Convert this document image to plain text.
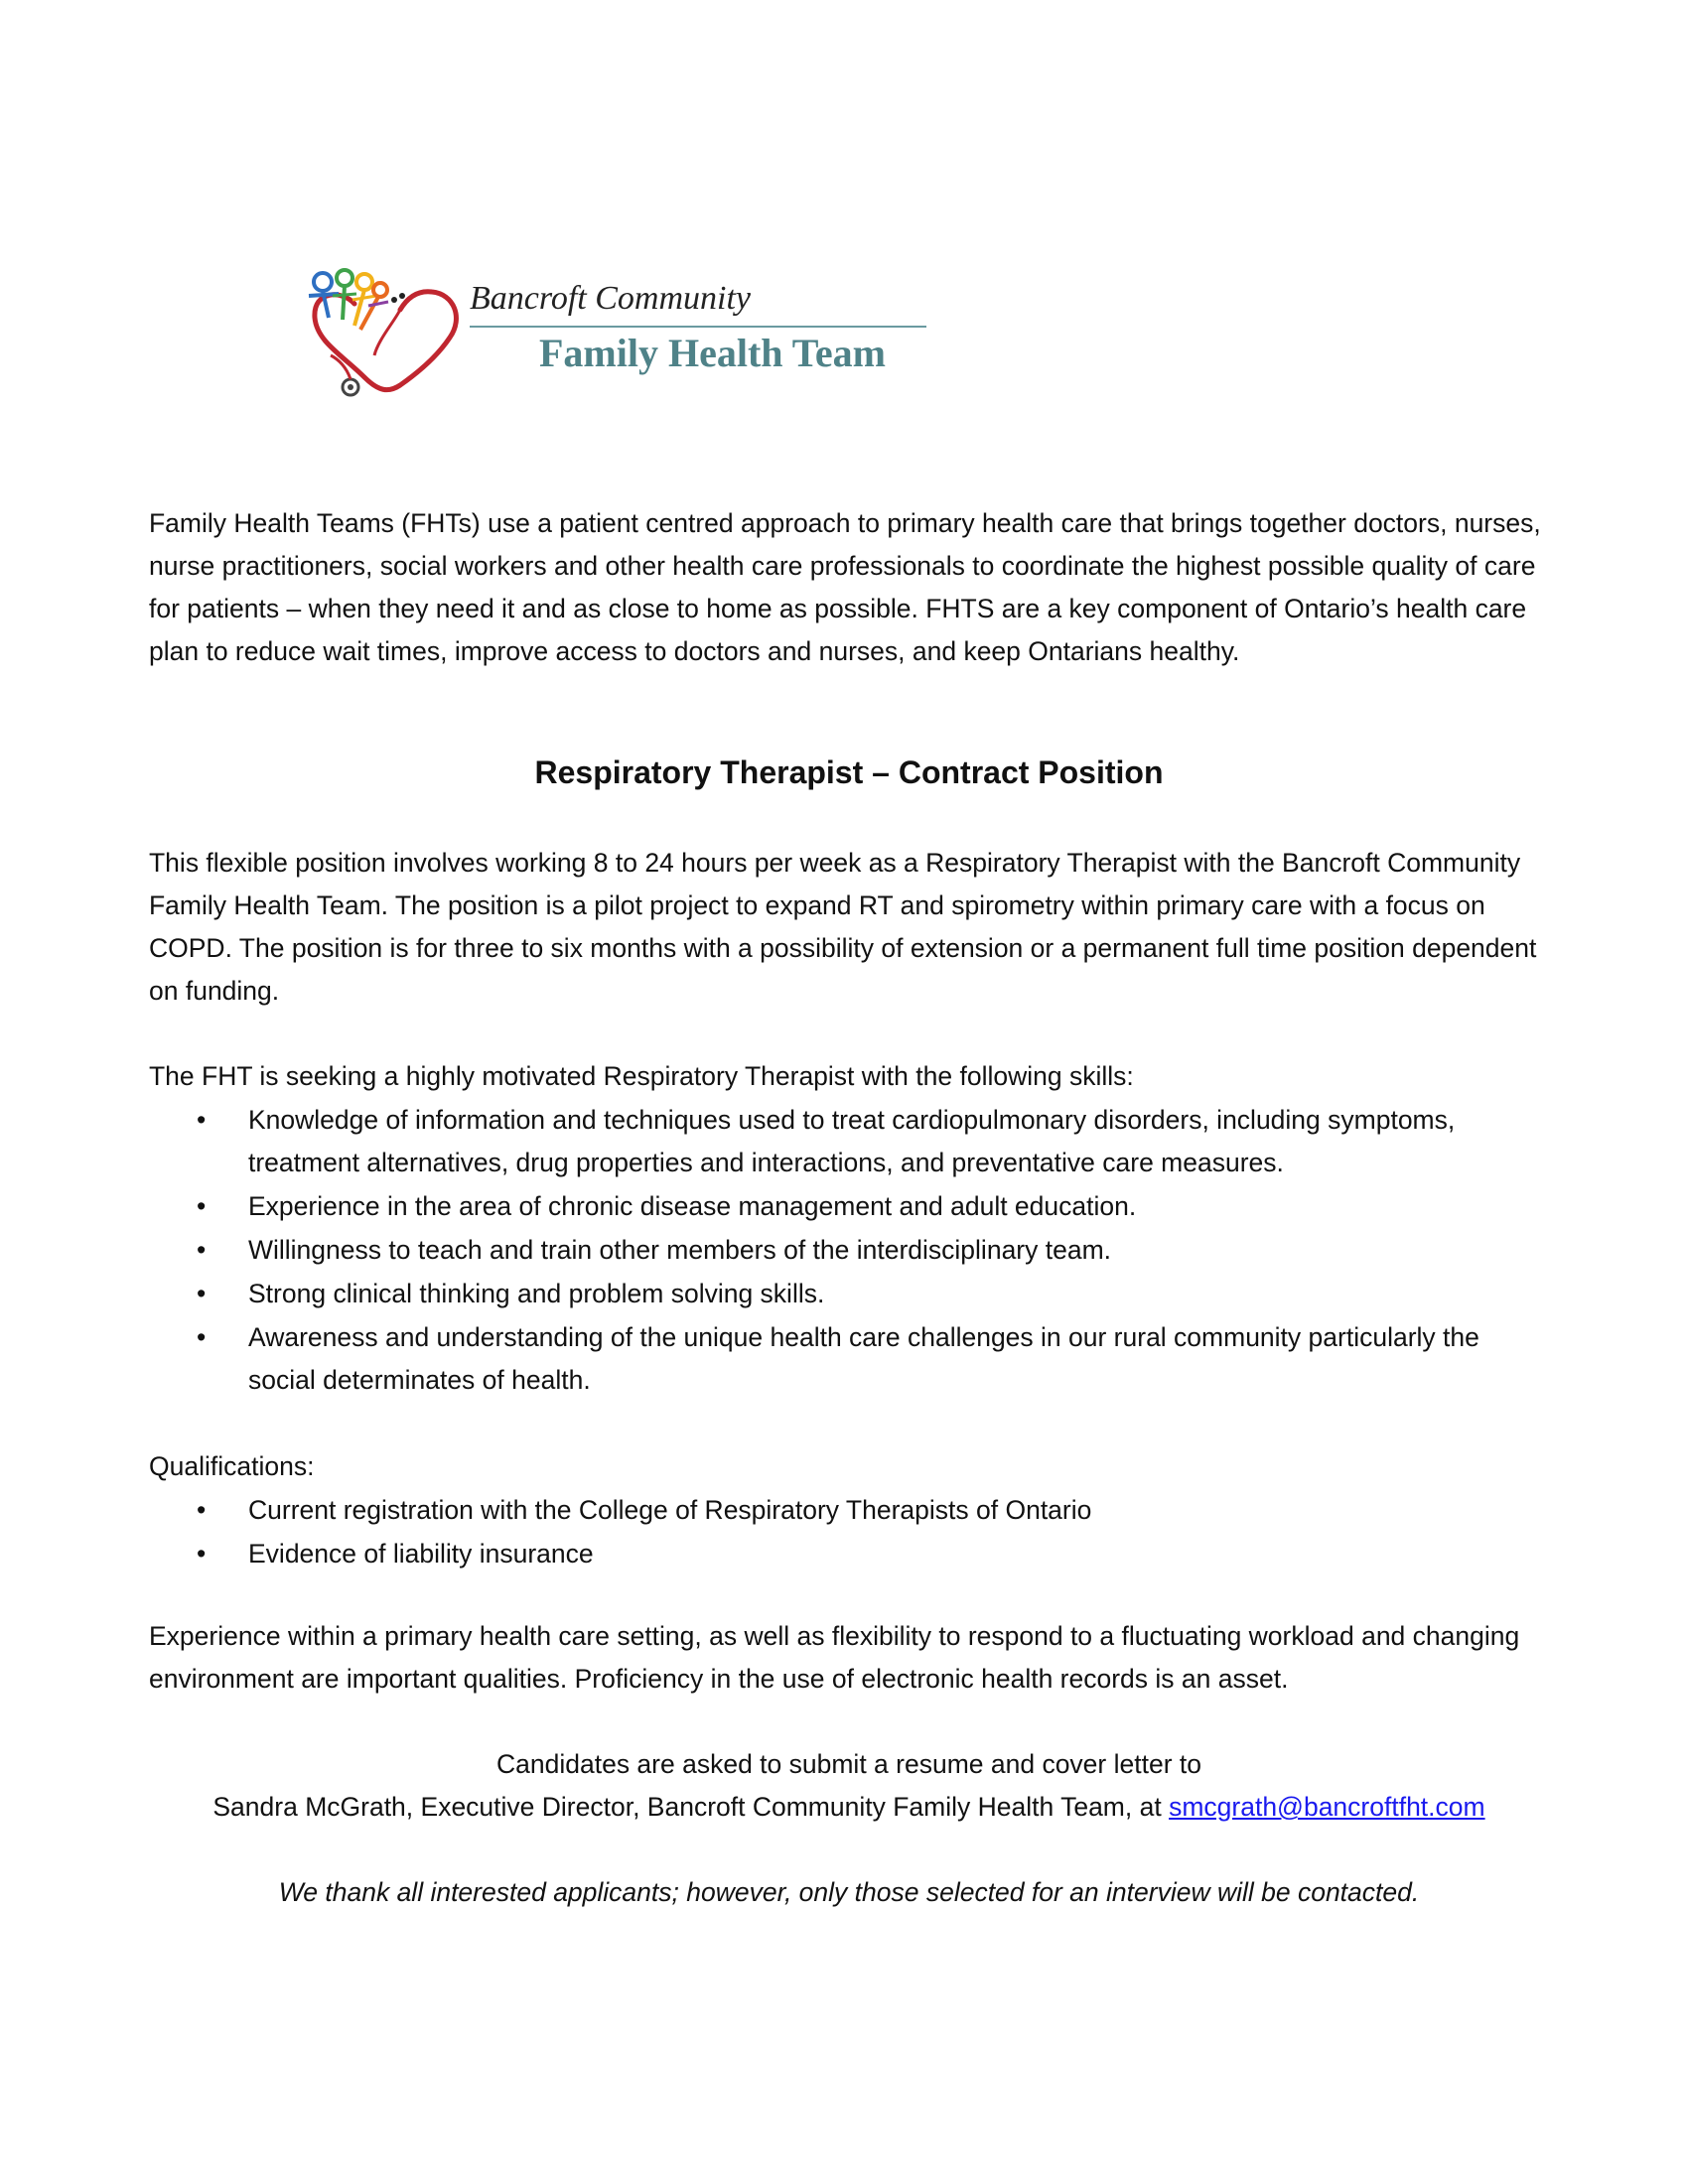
Bancroft Community
Family Health Team

Family Health Teams (FHTs) use a patient centred approach to primary health care that brings together doctors, nurses, nurse practitioners, social workers and other health care professionals to coordinate the highest possible quality of care for patients – when they need it and as close to home as possible. FHTS are a key component of Ontario’s health care plan to reduce wait times, improve access to doctors and nurses, and keep Ontarians healthy.

Respiratory Therapist – Contract Position

This flexible position involves working 8 to 24 hours per week as a Respiratory Therapist with the Bancroft Community Family Health Team. The position is a pilot project to expand RT and spirometry within primary care with a focus on COPD. The position is for three to six months with a possibility of extension or a permanent full time position dependent on funding.

The FHT is seeking a highly motivated Respiratory Therapist with the following skills:

• Knowledge of information and techniques used to treat cardiopulmonary disorders, including symptoms, treatment alternatives, drug properties and interactions, and preventative care measures.
• Experience in the area of chronic disease management and adult education.
• Willingness to teach and train other members of the interdisciplinary team.
• Strong clinical thinking and problem solving skills.
• Awareness and understanding of the unique health care challenges in our rural community particularly the social determinates of health.

Qualifications:

• Current registration with the College of Respiratory Therapists of Ontario
• Evidence of liability insurance

Experience within a primary health care setting, as well as flexibility to respond to a fluctuating workload and changing environment are important qualities. Proficiency in the use of electronic health records is an asset.

Candidates are asked to submit a resume and cover letter to
Sandra McGrath, Executive Director, Bancroft Community Family Health Team, at smcgrath@bancroftfht.com

We thank all interested applicants; however, only those selected for an interview will be contacted.
